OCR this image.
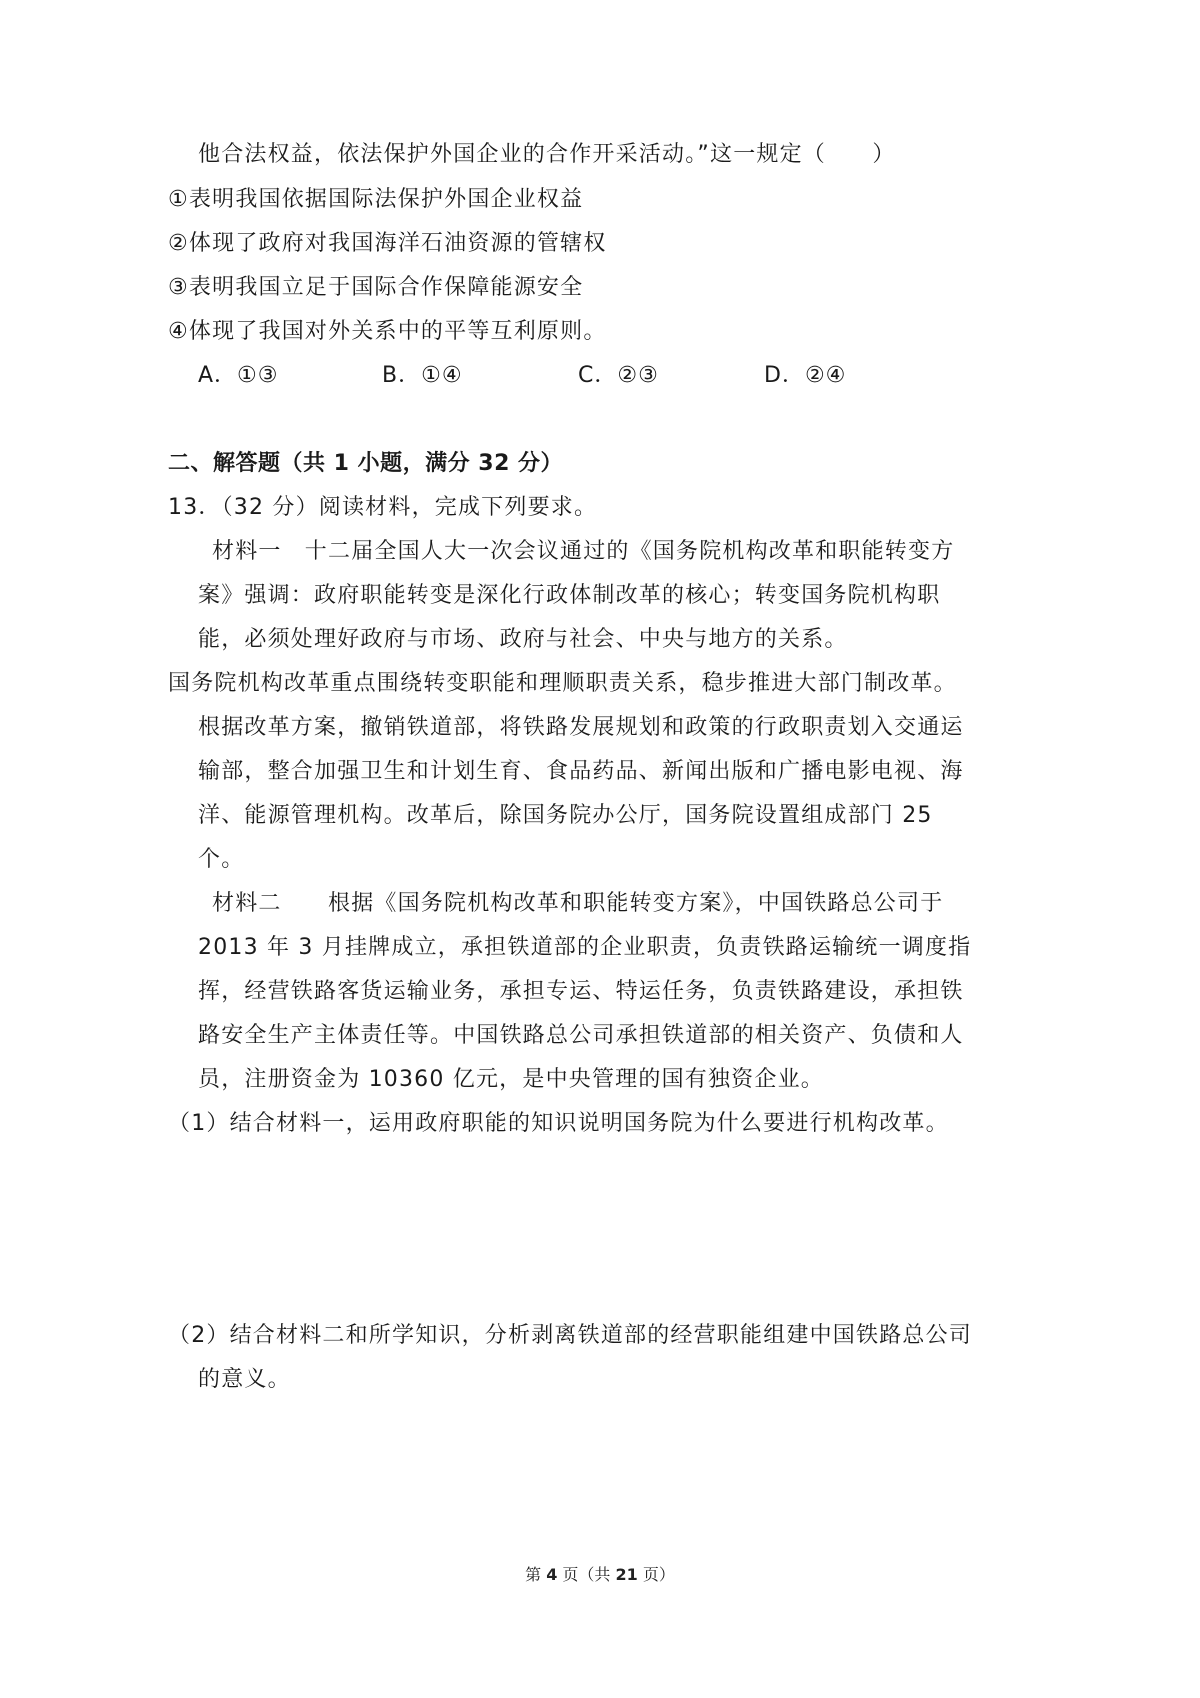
他合法权益，依法保护外国企业的合作开采活动。”这一规定（　　）
①表明我国依据国际法保护外国企业权益
②体现了政府对我国海洋石油资源的管辖权
③表明我国立足于国际合作保障能源安全
④体现了我国对外关系中的平等互利原则。
A．①③	B．①④	C．②③	D．②④
二、解答题（共 1 小题，满分 32 分）
13．（32 分）阅读材料，完成下列要求。
材料一　十二届全国人大一次会议通过的《国务院机构改革和职能转变方
案》强调：政府职能转变是深化行政体制改革的核心；转变国务院机构职
能，必须处理好政府与市场、政府与社会、中央与地方的关系。
国务院机构改革重点围绕转变职能和理顺职责关系，稳步推进大部门制改革。
根据改革方案，撤销铁道部，将铁路发展规划和政策的行政职责划入交通运
输部，整合加强卫生和计划生育、食品药品、新闻出版和广播电影电视、海
洋、能源管理机构。改革后，除国务院办公厅，国务院设置组成部门 25
个。
材料二　　根据《国务院机构改革和职能转变方案》，中国铁路总公司于
2013 年 3 月挂牌成立，承担铁道部的企业职责，负责铁路运输统一调度指
挥，经营铁路客货运输业务，承担专运、特运任务，负责铁路建设，承担铁
路安全生产主体责任等。中国铁路总公司承担铁道部的相关资产、负债和人
员，注册资金为 10360 亿元，是中央管理的国有独资企业。
（1）结合材料一，运用政府职能的知识说明国务院为什么要进行机构改革。
（2）结合材料二和所学知识，分析剥离铁道部的经营职能组建中国铁路总公司
的意义。
第 4 页（共 21 页）
